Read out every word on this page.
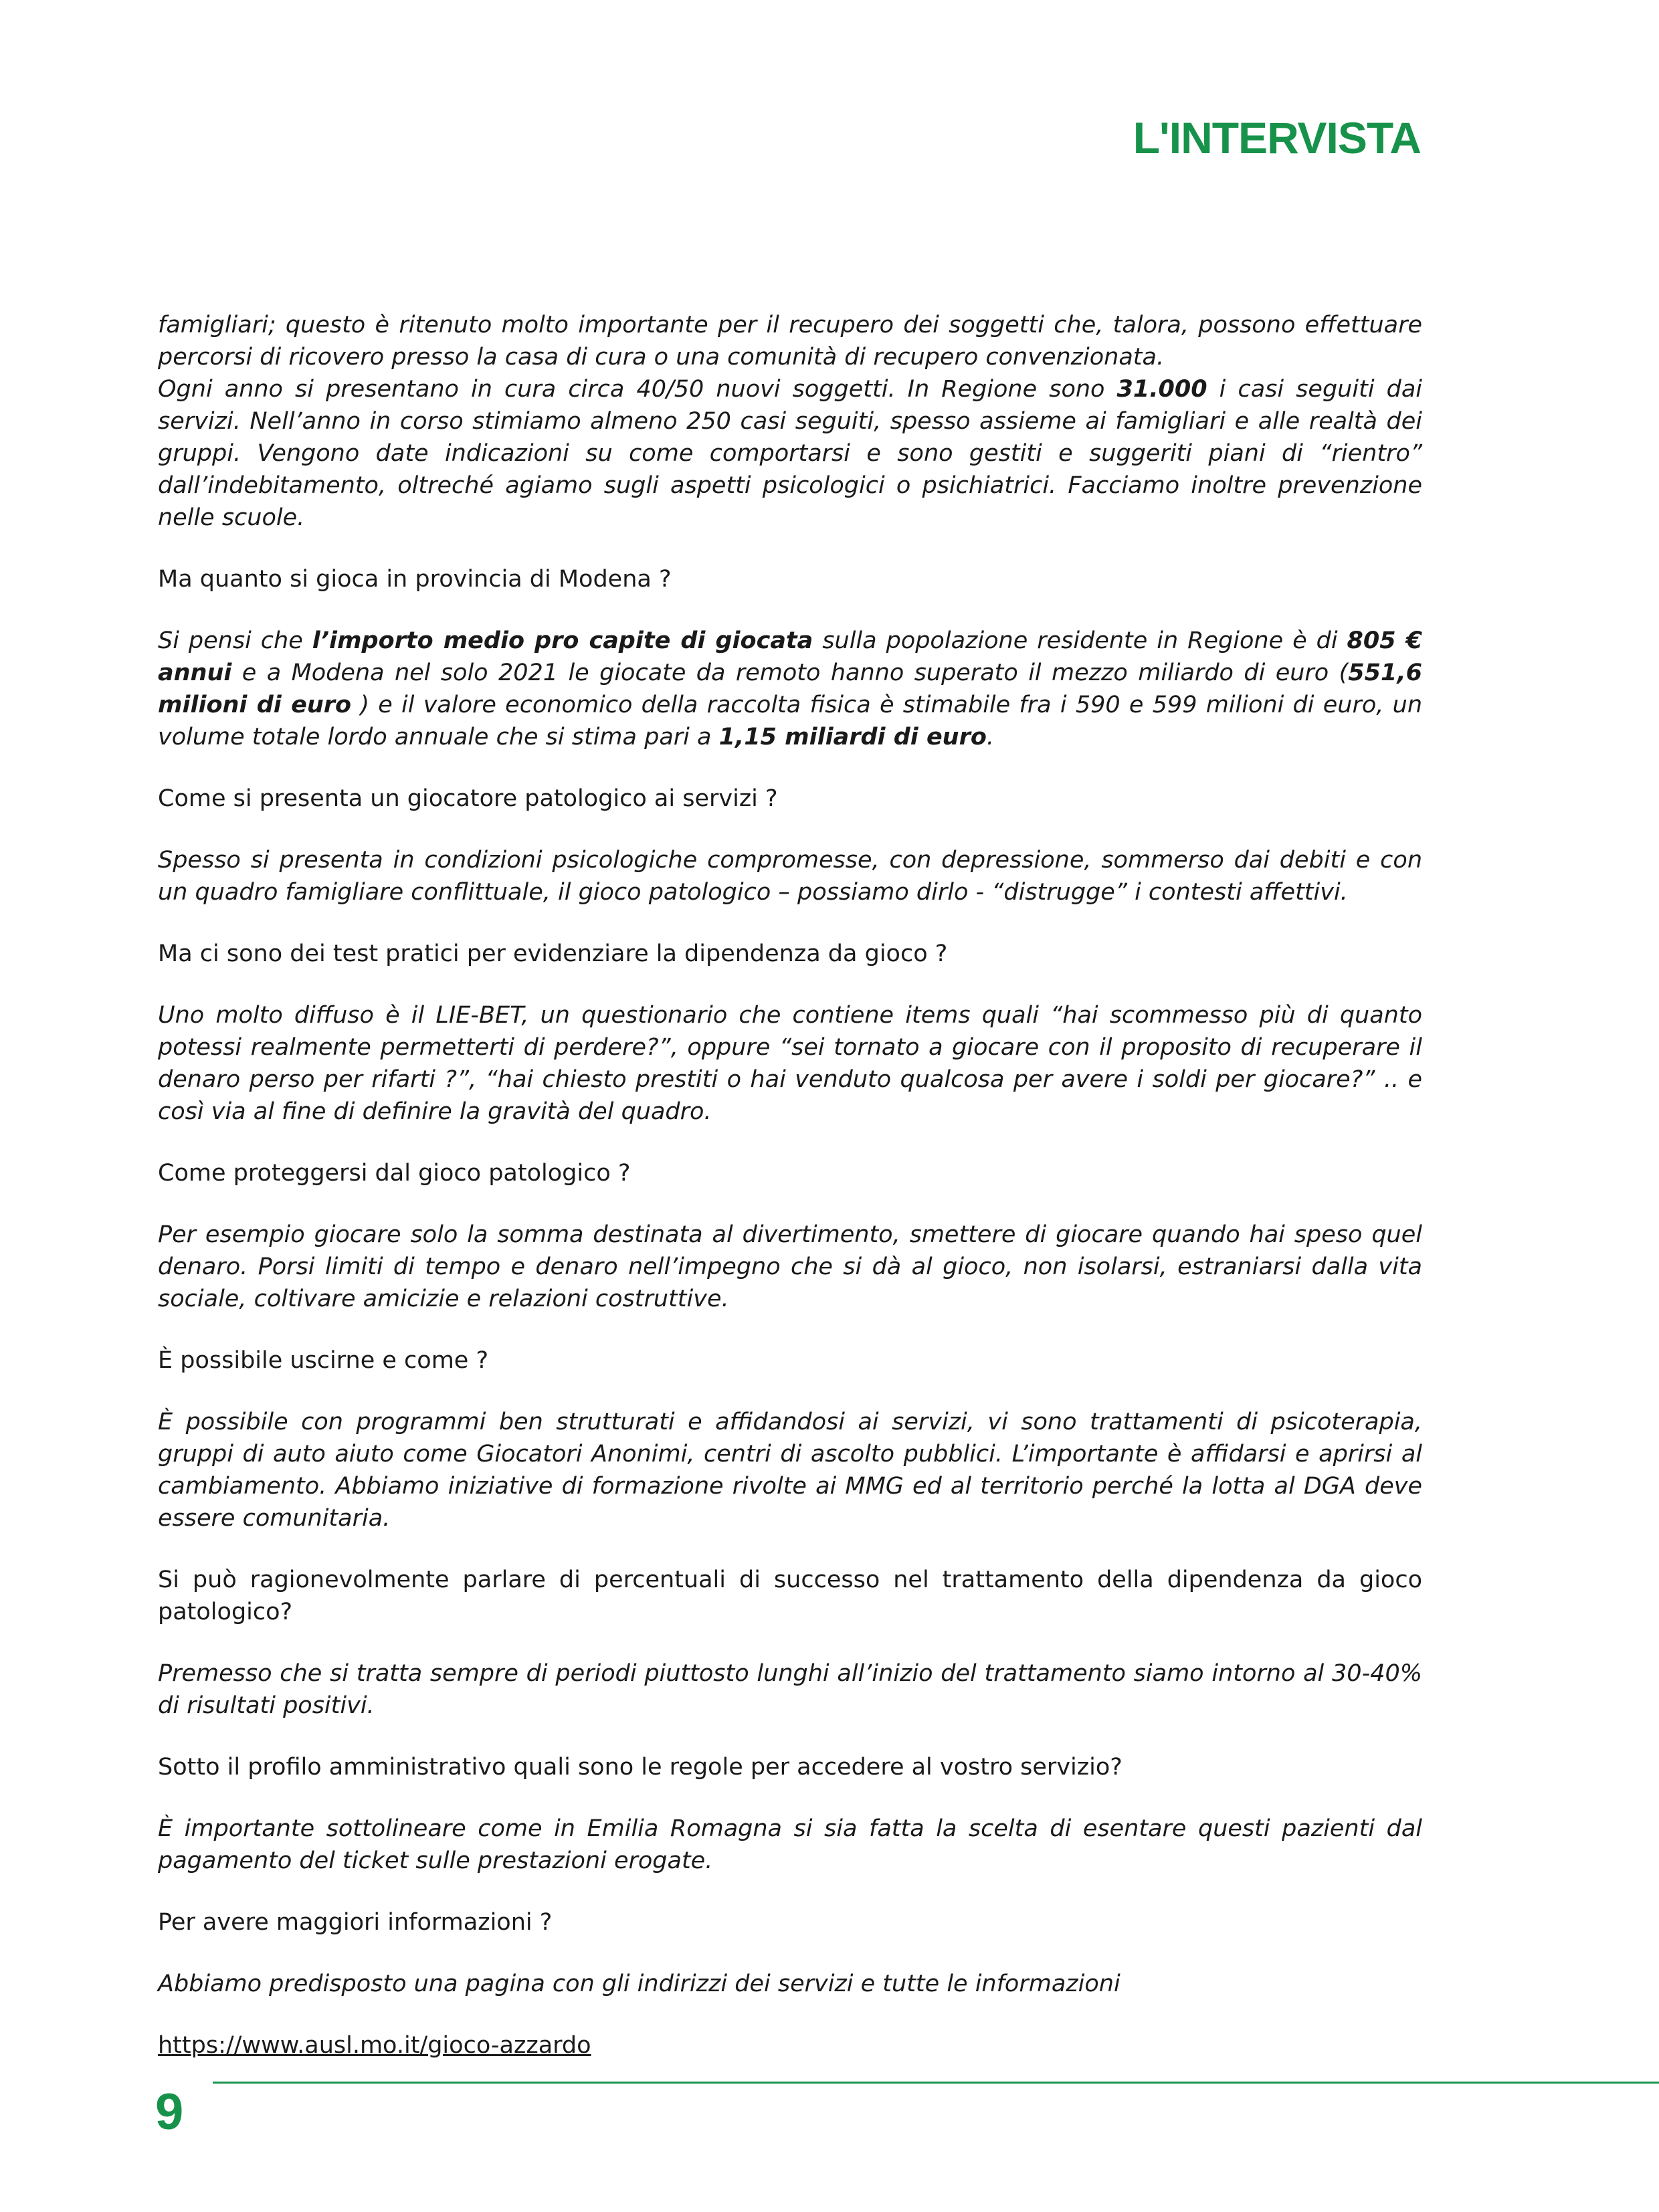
L'INTERVISTA

famigliari; questo è ritenuto molto importante per il recupero dei soggetti che, talora, possono effettuare percorsi di ricovero presso la casa di cura o una comunità di recupero convenzionata.

Ogni anno si presentano in cura circa 40/50 nuovi soggetti. In Regione sono 31.000 i casi seguiti dai servizi. Nell’anno in corso stimiamo almeno 250 casi seguiti, spesso assieme ai famigliari e alle realtà dei gruppi. Vengono date indicazioni su come comportarsi e sono gestiti e suggeriti piani di “rientro” dall’indebitamento, oltreché agiamo sugli aspetti psicologici o psichiatrici. Facciamo inoltre prevenzione nelle scuole.

Ma quanto si gioca in provincia di Modena ?

Si pensi che l’importo medio pro capite di giocata sulla popolazione residente in Regione è di 805 € annui e a Modena nel solo 2021 le giocate da remoto hanno superato il mezzo miliardo di euro (551,6 milioni di euro ) e il valore economico della raccolta fisica è stimabile fra i 590 e 599 milioni di euro, un volume totale lordo annuale che si stima pari a 1,15 miliardi di euro.

Come si presenta un giocatore patologico ai servizi ?

Spesso si presenta in condizioni psicologiche compromesse, con depressione, sommerso dai debiti e con un quadro famigliare conflittuale, il gioco patologico – possiamo dirlo - “distrugge” i contesti affettivi.

Ma ci sono dei test pratici per evidenziare la dipendenza da gioco ?

Uno molto diffuso è il LIE-BET, un questionario che contiene items quali “hai scommesso più di quanto potessi realmente permetterti di perdere?”, oppure “sei tornato a giocare con il proposito di recuperare il denaro perso per rifarti ?”, “hai chiesto prestiti o hai venduto qualcosa per avere i soldi per giocare?” .. e così via al fine di definire la gravità del quadro.

Come proteggersi dal gioco patologico ?

Per esempio giocare solo la somma destinata al divertimento, smettere di giocare quando hai speso quel denaro. Porsi limiti di tempo e denaro nell’impegno che si dà al gioco, non isolarsi, estraniarsi dalla vita sociale, coltivare amicizie e relazioni costruttive.

È possibile uscirne e come ?

È possibile con programmi ben strutturati e affidandosi ai servizi, vi sono trattamenti di psicoterapia, gruppi di auto aiuto come Giocatori Anonimi, centri di ascolto pubblici. L’importante è affidarsi e aprirsi al cambiamento. Abbiamo iniziative di formazione rivolte ai MMG ed al territorio perché la lotta al DGA deve essere comunitaria.

Si può ragionevolmente parlare di percentuali di successo nel trattamento della dipendenza da gioco patologico?

Premesso che si tratta sempre di periodi piuttosto lunghi all’inizio del trattamento siamo intorno al 30-40% di risultati positivi.

Sotto il profilo amministrativo quali sono le regole per accedere al vostro servizio?

È importante sottolineare come in Emilia Romagna si sia fatta la scelta di esentare questi pazienti dal pagamento del ticket sulle prestazioni erogate.

Per avere maggiori informazioni ?

Abbiamo predisposto una pagina con gli indirizzi dei servizi e tutte le informazioni

https://www.ausl.mo.it/gioco-azzardo

9
